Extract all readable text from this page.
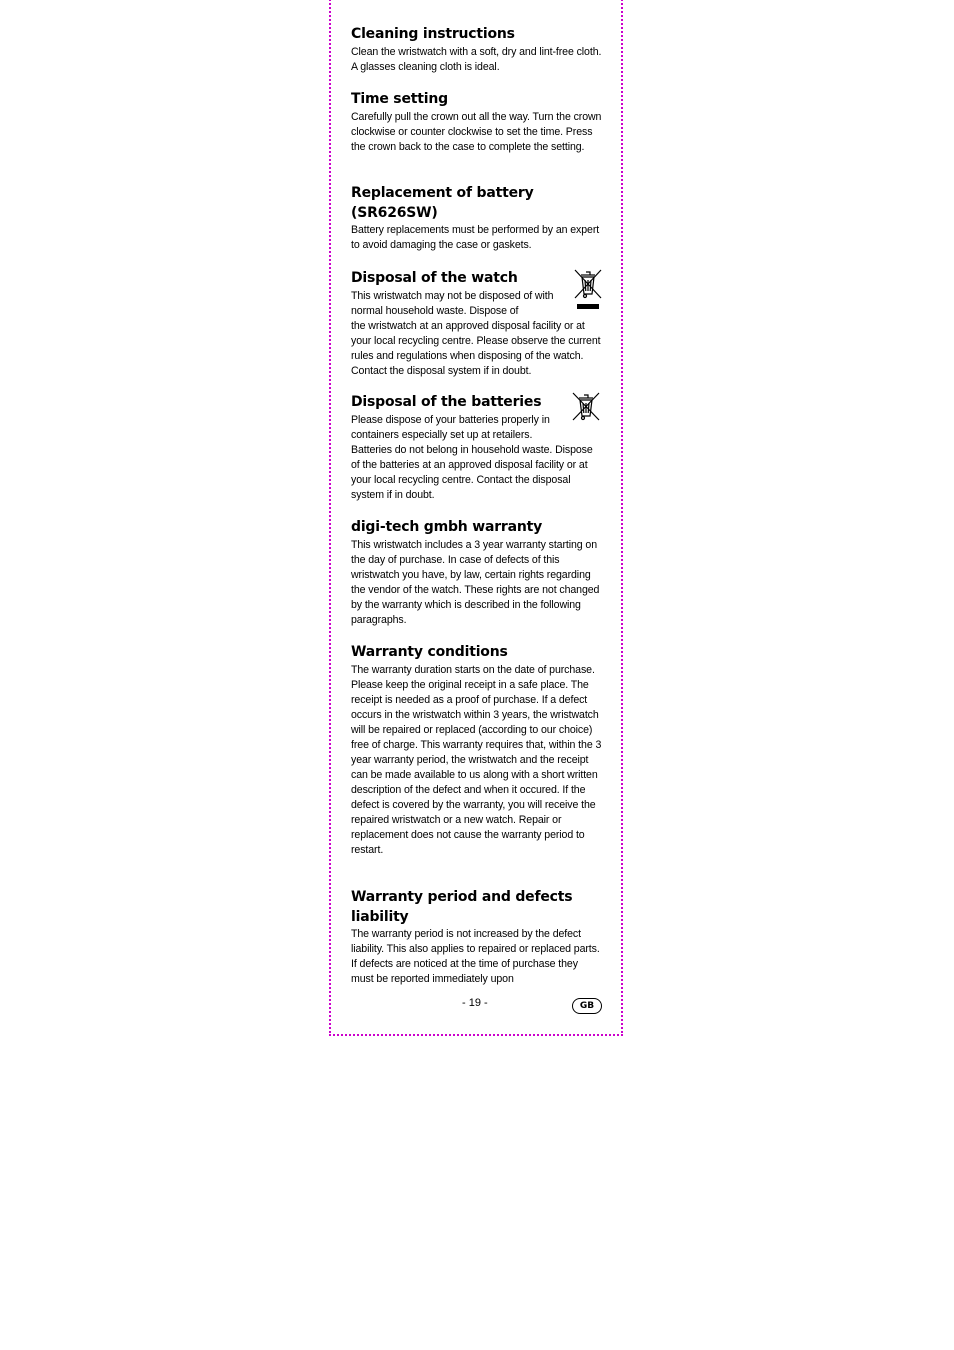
Cleaning instructions

Clean the wristwatch with a soft, dry and lint-free cloth. A glasses cleaning cloth is ideal.

Time setting

Carefully pull the crown out all the way. Turn the crown clockwise or counter clockwise to set the time. Press the crown back to the case to complete the setting.

Replacement of battery (SR626SW)

Battery replacements must be performed by an expert to avoid damaging the case or gaskets.

Disposal of the watch

This wristwatch may not be disposed of with normal household waste. Dispose of

the wristwatch at an approved disposal facility or at your local recycling centre. Please observe the current rules and regulations when disposing of the watch. Contact the disposal system if in doubt.

Disposal of the batteries

Please dispose of your batteries properly in containers especially set up at retailers.

Batteries do not belong in household waste. Dispose of the batteries at an approved disposal facility or at your local recycling centre. Contact the disposal system if in doubt.

digi-tech gmbh warranty

This wristwatch includes a 3 year warranty starting on the day of purchase. In case of defects of this wristwatch you have, by law, certain rights regarding the vendor of the watch. These rights are not changed by the warranty which is described in the following paragraphs.

Warranty conditions

The warranty duration starts on the date of purchase. Please keep the original receipt in a safe place. The receipt is needed as a proof of purchase. If a defect occurs in the wristwatch within 3 years, the wristwatch will be repaired or replaced (according to our choice) free of charge. This warranty requires that, within the 3 year warranty period, the wristwatch and the receipt can be made available to us along with a short written description of the defect and when it occured. If the defect is covered by the warranty, you will receive the repaired wristwatch or a new watch. Repair or replacement does not cause the warranty period to restart.

Warranty period and defects liability

The warranty period is not increased by the defect liability. This also applies to repaired or replaced parts. If defects are noticed at the time of purchase they must be reported immediately upon

- 19 -	GB
